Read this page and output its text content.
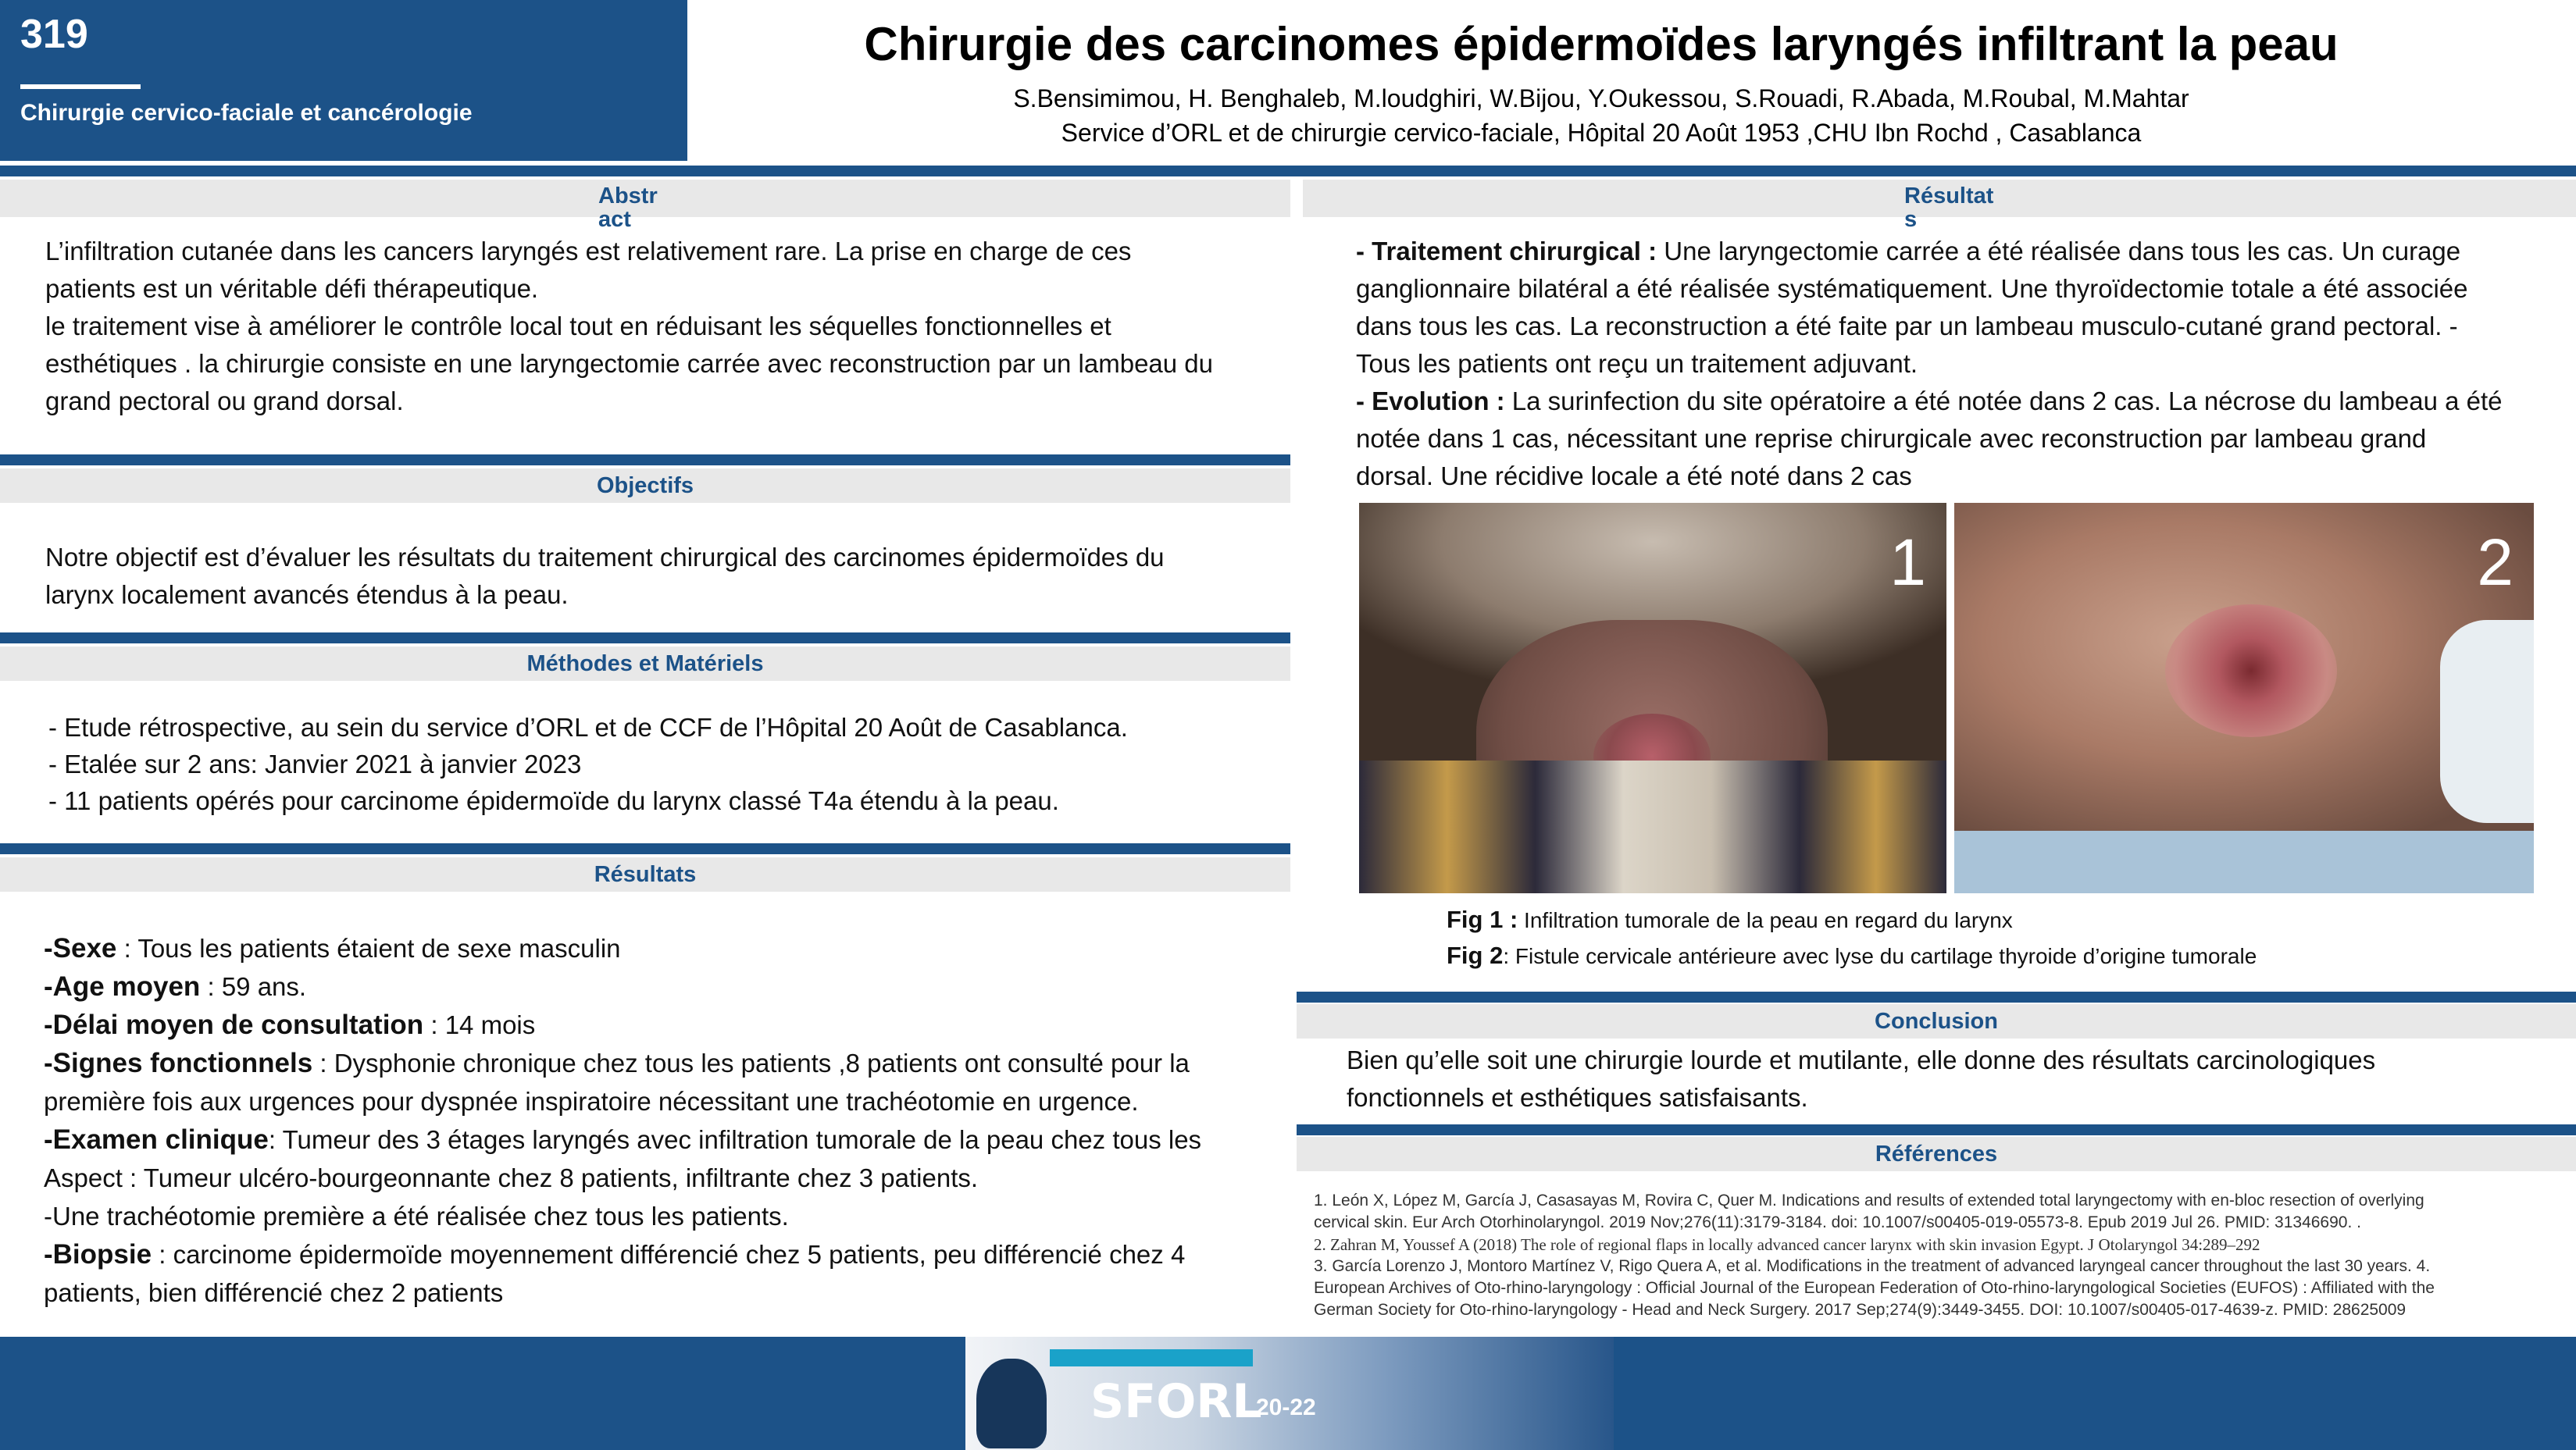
319
Chirurgie cervico-faciale et cancérologie
Chirurgie des carcinomes épidermoïdes laryngés infiltrant la peau
S.Bensimimou, H. Benghaleb, M.loudghiri, W.Bijou, Y.Oukessou, S.Rouadi, R.Abada, M.Roubal, M.Mahtar
Service d’ORL et de chirurgie cervico-faciale, Hôpital 20 Août 1953 ,CHU Ibn Rochd , Casablanca
Abstract
L’infiltration cutanée dans les cancers laryngés est relativement rare. La prise en charge de ces
patients est un véritable défi thérapeutique.
le traitement vise à améliorer le contrôle local tout en réduisant les séquelles fonctionnelles et
esthétiques . la chirurgie consiste en une laryngectomie carrée avec reconstruction par un lambeau du
grand pectoral ou grand dorsal.
Objectifs
Notre objectif est d’évaluer les résultats du traitement chirurgical des carcinomes épidermoïdes du
larynx localement avancés étendus à la peau.
Méthodes et Matériels
- Etude rétrospective, au sein du service d’ORL et de CCF de l’Hôpital 20 Août de Casablanca.
- Etalée sur 2 ans: Janvier 2021 à janvier 2023
- 11 patients opérés pour carcinome épidermoïde du larynx classé T4a étendu à la peau.
Résultats
-Sexe : Tous les patients étaient de sexe masculin
-Age moyen : 59 ans.
-Délai moyen de consultation : 14 mois
-Signes fonctionnels : Dysphonie chronique chez tous les patients ,8 patients ont consulté pour la
première fois aux urgences pour dyspnée inspiratoire nécessitant une trachéotomie en urgence.
-Examen clinique: Tumeur des 3 étages laryngés avec infiltration tumorale de la peau chez tous les
Aspect : Tumeur ulcéro-bourgeonnante chez 8 patients, infiltrante chez 3 patients.
-Une trachéotomie première a été réalisée chez tous les patients.
-Biopsie : carcinome épidermoïde moyennement différencié chez 5 patients, peu différencié chez 4
patients, bien différencié chez 2 patients
Résultats
- Traitement chirurgical : Une laryngectomie carrée a été réalisée dans tous les cas. Un curage
ganglionnaire bilatéral a été réalisée systématiquement. Une thyroïdectomie totale a été associée
dans tous les cas. La reconstruction a été faite par un lambeau musculo-cutané grand pectoral. -
Tous les patients ont reçu un traitement adjuvant.
- Evolution : La surinfection du site opératoire a été notée dans 2 cas. La nécrose du lambeau a été
notée dans 1 cas, nécessitant une reprise chirurgicale avec reconstruction par lambeau grand
dorsal. Une récidive locale a été noté dans 2 cas
1	2
Fig 1 : Infiltration tumorale de la peau en regard du larynx
Fig 2: Fistule cervicale antérieure avec lyse du cartilage thyroide d’origine tumorale
Conclusion
Bien qu’elle soit une chirurgie lourde et mutilante, elle donne des résultats carcinologiques
fonctionnels et esthétiques satisfaisants.
Références
1. León X, López M, García J, Casasayas M, Rovira C, Quer M. Indications and results of extended total laryngectomy with en-bloc resection of overlying
cervical skin. Eur Arch Otorhinolaryngol. 2019 Nov;276(11):3179-3184. doi: 10.1007/s00405-019-05573-8. Epub 2019 Jul 26. PMID: 31346690. .
2. Zahran M, Youssef A (2018) The role of regional flaps in locally advanced cancer larynx with skin invasion Egypt. J Otolaryngol 34:289–292
3. García Lorenzo J, Montoro Martínez V, Rigo Quera A, et al. Modifications in the treatment of advanced laryngeal cancer throughout the last 30 years. 4.
European Archives of Oto-rhino-laryngology : Official Journal of the European Federation of Oto-rhino-laryngological Societies (EUFOS) : Affiliated with the
German Society for Oto-rhino-laryngology - Head and Neck Surgery. 2017 Sep;274(9):3449-3455. DOI: 10.1007/s00405-017-4639-z. PMID: 28625009
SFORL
20-22
